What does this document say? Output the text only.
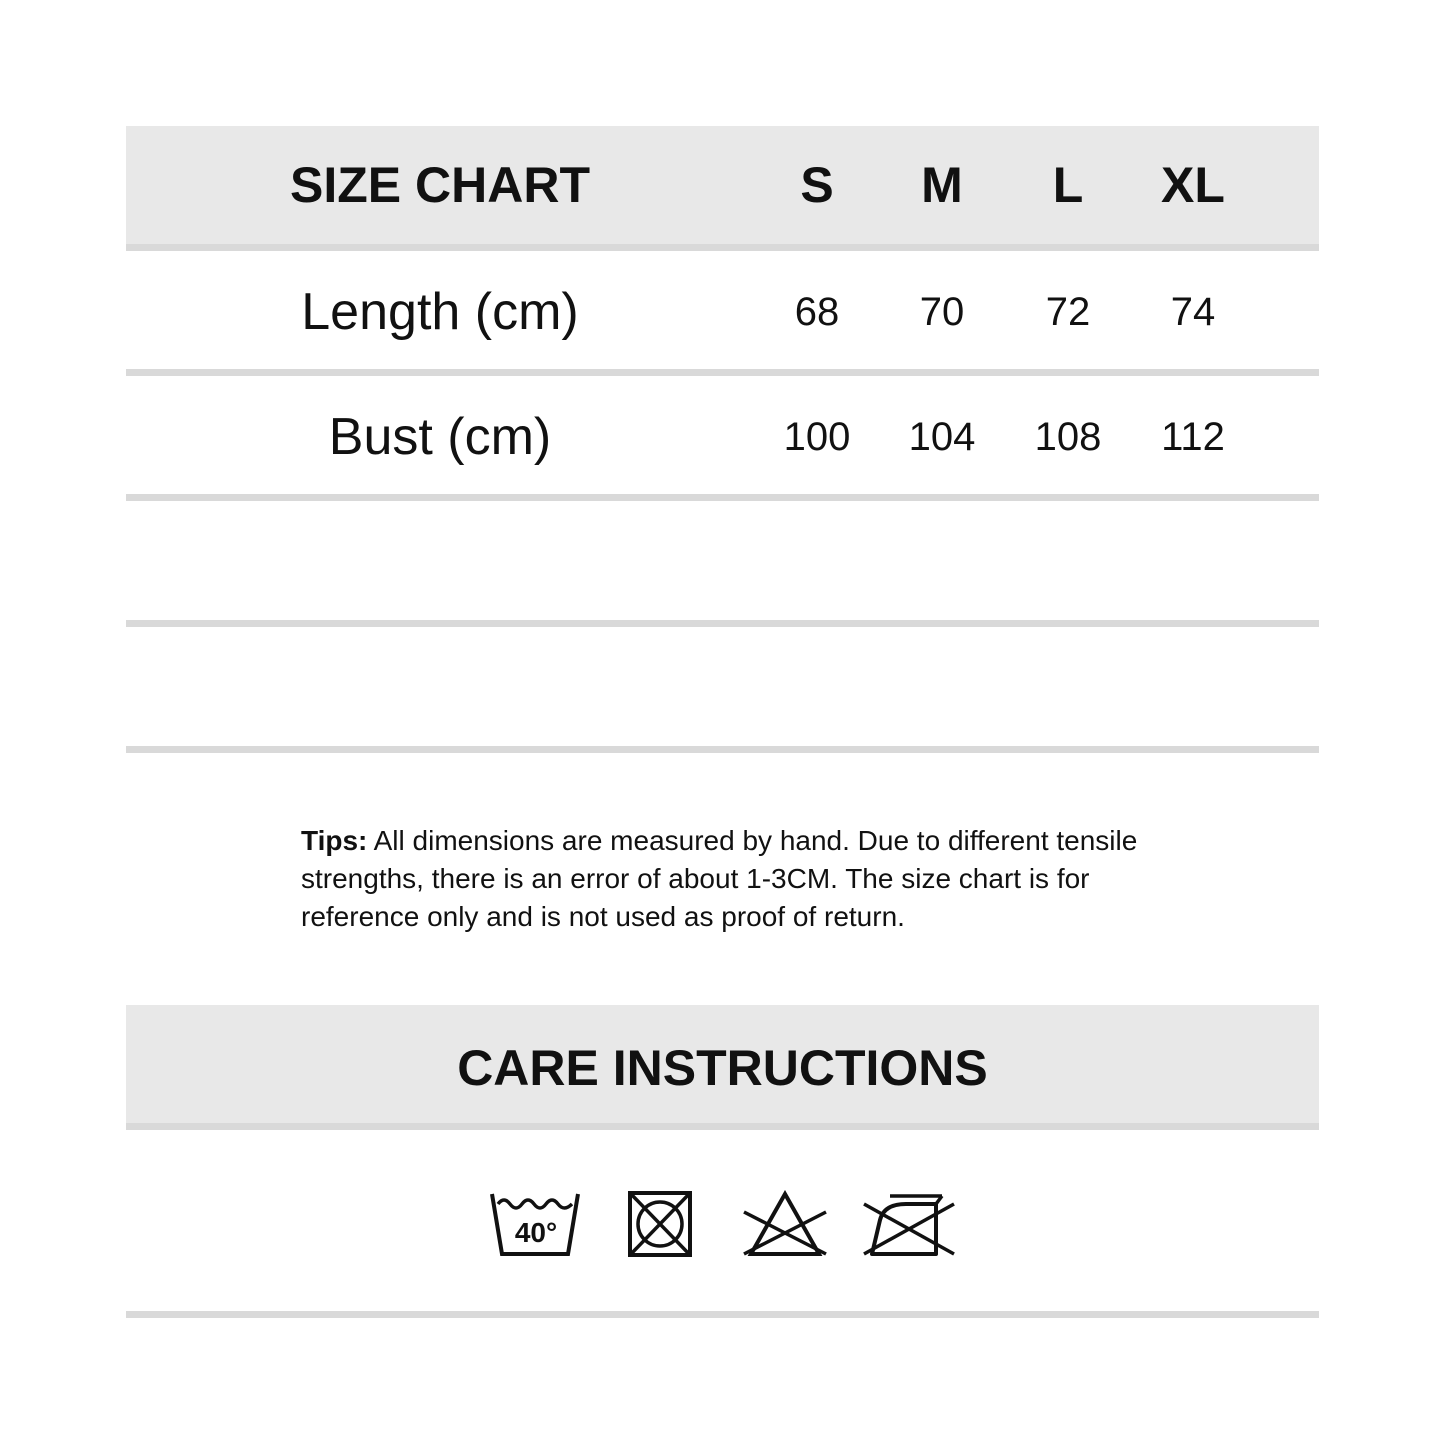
SIZE CHART	S	M	L	XL
Length (cm)	68	70	72	74
Bust (cm)	100	104	108	112
Tips: All dimensions are measured by hand. Due to different tensile strengths, there is an error of about 1-3CM. The size chart is for reference only and is not used as proof of return.
CARE INSTRUCTIONS
40°
